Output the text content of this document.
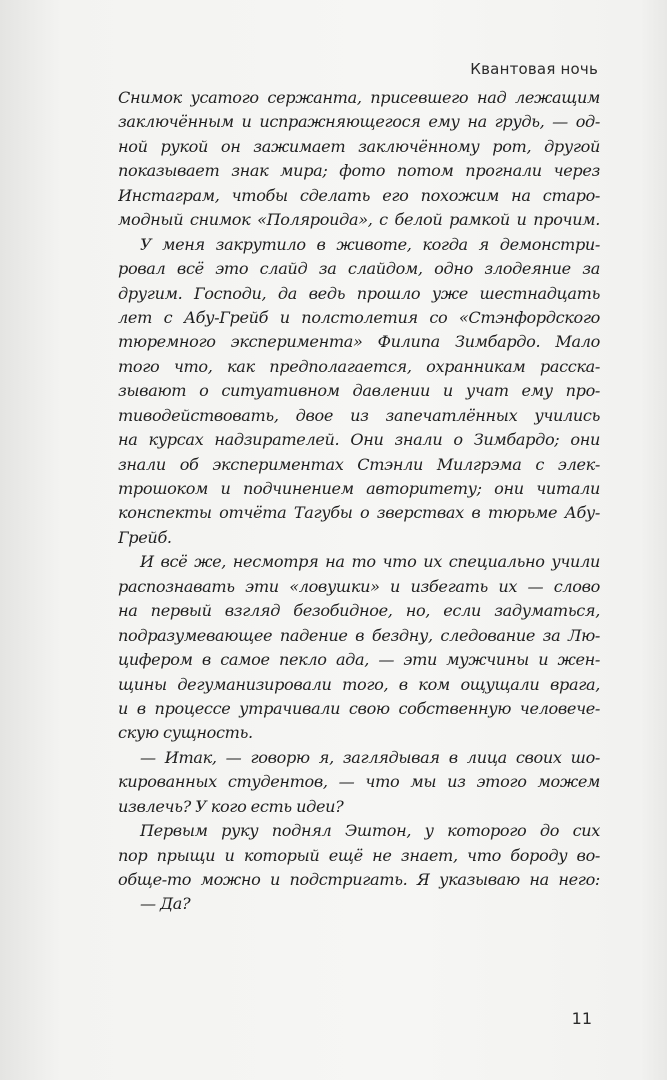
Квантовая ночь
Снимок усатого сержанта, присевшего над лежащим
заключённым и испражняющегося ему на грудь, — од-
ной рукой он зажимает заключённому рот, другой
показывает знак мира; фото потом прогнали через
Инстаграм, чтобы сделать его похожим на старо-
модный снимок «Поляроида», с белой рамкой и прочим.
У меня закрутило в животе, когда я демонстри-
ровал всё это слайд за слайдом, одно злодеяние за
другим. Господи, да ведь прошло уже шестнадцать
лет с Абу-Грейб и полстолетия со «Стэнфордского
тюремного эксперимента» Филипа Зимбардо. Мало
того что, как предполагается, охранникам расска-
зывают о ситуативном давлении и учат ему про-
тиводействовать, двое из запечатлённых учились
на курсах надзирателей. Они знали о Зимбардо; они
знали об экспериментах Стэнли Милгрэма с элек-
трошоком и подчинением авторитету; они читали
конспекты отчёта Тагубы о зверствах в тюрьме Абу-
Грейб.
И всё же, несмотря на то что их специально учили
распознавать эти «ловушки» и избегать их — слово
на первый взгляд безобидное, но, если задуматься,
подразумевающее падение в бездну, следование за Лю-
цифером в самое пекло ада, — эти мужчины и жен-
щины дегуманизировали того, в ком ощущали врага,
и в процессе утрачивали свою собственную человече-
скую сущность.
— Итак, — говорю я, заглядывая в лица своих шо-
кированных студентов, — что мы из этого можем
извлечь? У кого есть идеи?
Первым руку поднял Эштон, у которого до сих
пор прыщи и который ещё не знает, что бороду во-
обще-то можно и подстригать. Я указываю на него:
— Да?
11
